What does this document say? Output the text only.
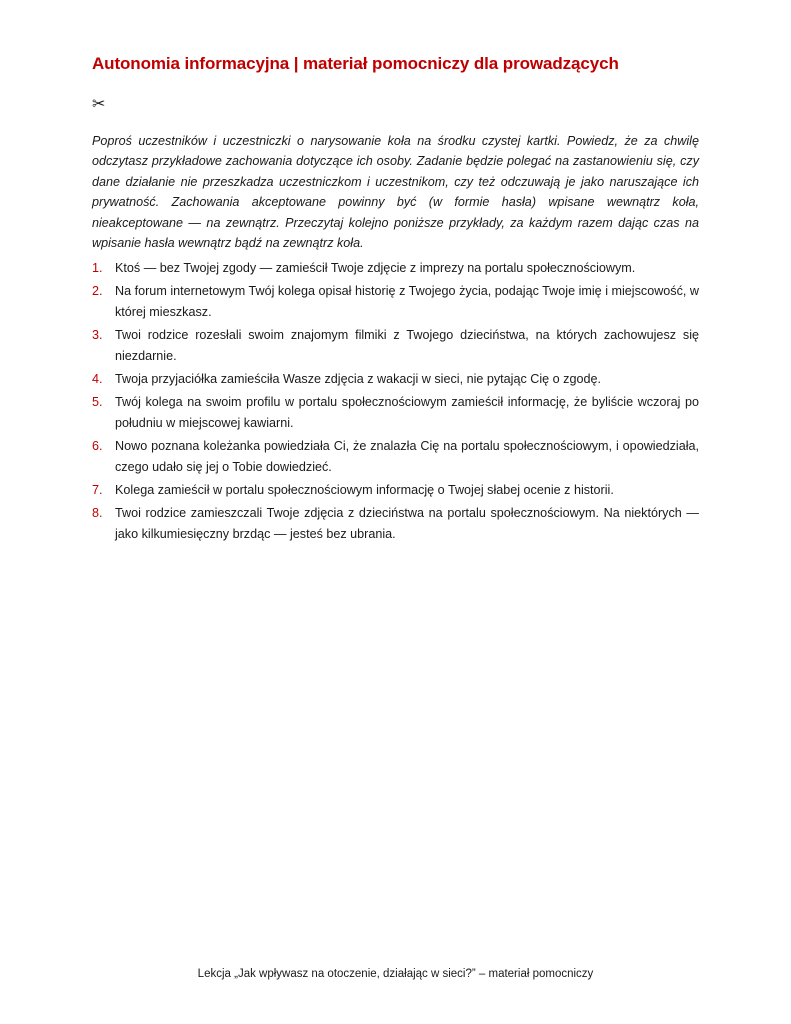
Autonomia informacyjna | materiał pomocniczy dla prowadzących
✂

Poproś uczestników i uczestniczki o narysowanie koła na środku czystej kartki. Powiedz, że za chwilę odczytasz przykładowe zachowania dotyczące ich osoby. Zadanie będzie polegać na zastanowieniu się, czy dane działanie nie przeszkadza uczestniczkom i uczestnikom, czy też odczuwają je jako naruszające ich prywatność. Zachowania akceptowane powinny być (w formie hasła) wpisane wewnątrz koła, nieakceptowane — na zewnątrz. Przeczytaj kolejno poniższe przykłady, za każdym razem dając czas na wpisanie hasła wewnątrz bądź na zewnątrz koła.

1. Ktoś — bez Twojej zgody — zamieścił Twoje zdjęcie z imprezy na portalu społecznościowym.
2. Na forum internetowym Twój kolega opisał historię z Twojego życia, podając Twoje imię i miejscowość, w której mieszkasz.
3. Twoi rodzice rozesłali swoim znajomym filmiki z Twojego dzieciństwa, na których zachowujesz się niezdarnie.
4. Twoja przyjaciółka zamieściła Wasze zdjęcia z wakacji w sieci, nie pytając Cię o zgodę.
5. Twój kolega na swoim profilu w portalu społecznościowym zamieścił informację, że byliście wczoraj po południu w miejscowej kawiarni.
6. Nowo poznana koleżanka powiedziała Ci, że znalazła Cię na portalu społecznościowym, i opowiedziała, czego udało się jej o Tobie dowiedzieć.
7. Kolega zamieścił w portalu społecznościowym informację o Twojej słabej ocenie z historii.
8. Twoi rodzice zamieszczali Twoje zdjęcia z dzieciństwa na portalu społecznościowym. Na niektórych — jako kilkumiesięczny brzdąc — jesteś bez ubrania.
Lekcja „Jak wpływasz na otoczenie, działając w sieci?” – materiał pomocniczy
